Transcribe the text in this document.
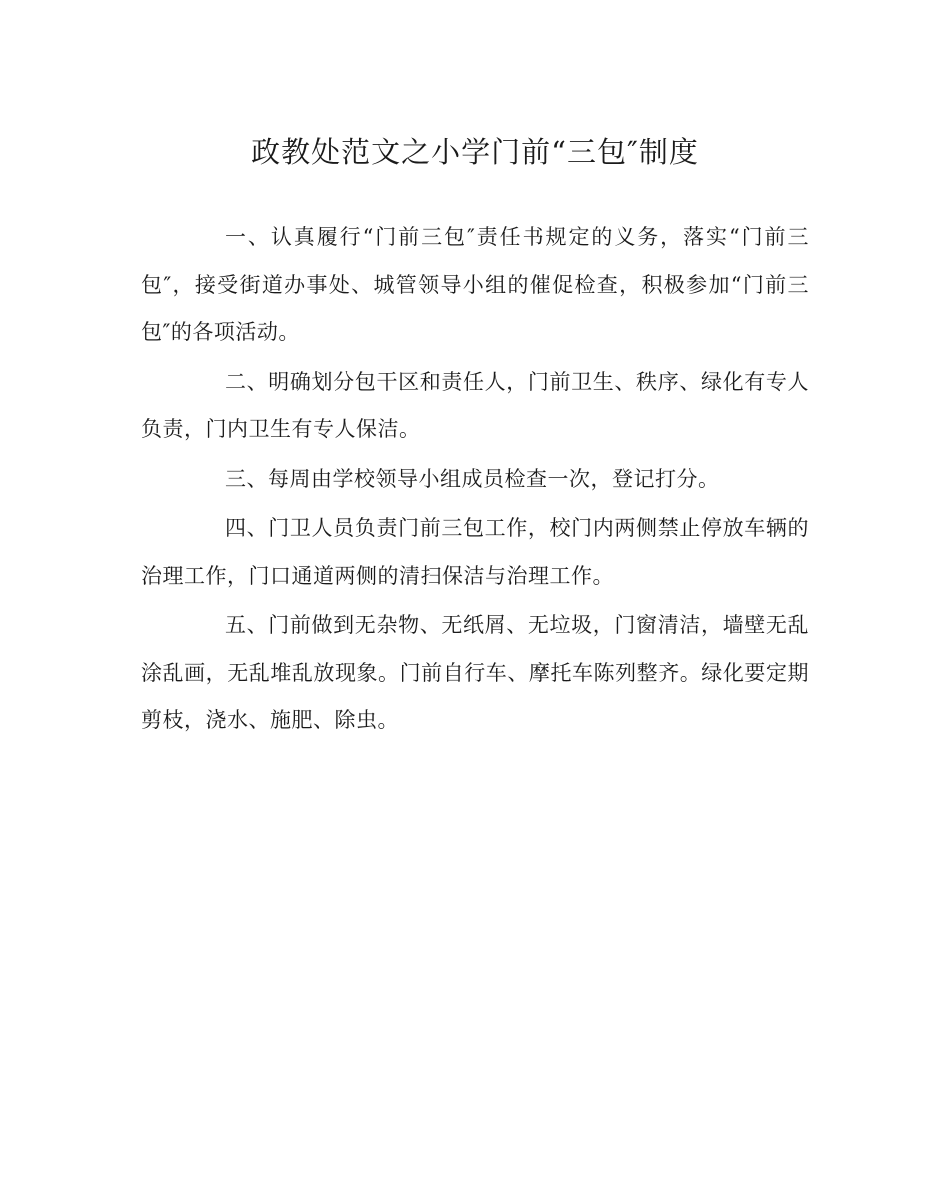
政教处范文之小学门前“三包″制度

一、认真履行“门前三包″责任书规定的义务，落实“门前三包″，接受街道办事处、城管领导小组的催促检查，积极参加“门前三包″的各项活动。

二、明确划分包干区和责任人，门前卫生、秩序、绿化有专人负责，门内卫生有专人保洁。

三、每周由学校领导小组成员检查一次，登记打分。

四、门卫人员负责门前三包工作，校门内两侧禁止停放车辆的治理工作，门口通道两侧的清扫保洁与治理工作。

五、门前做到无杂物、无纸屑、无垃圾，门窗清洁，墙壁无乱涂乱画，无乱堆乱放现象。门前自行车、摩托车陈列整齐。绿化要定期剪枝，浇水、施肥、除虫。
